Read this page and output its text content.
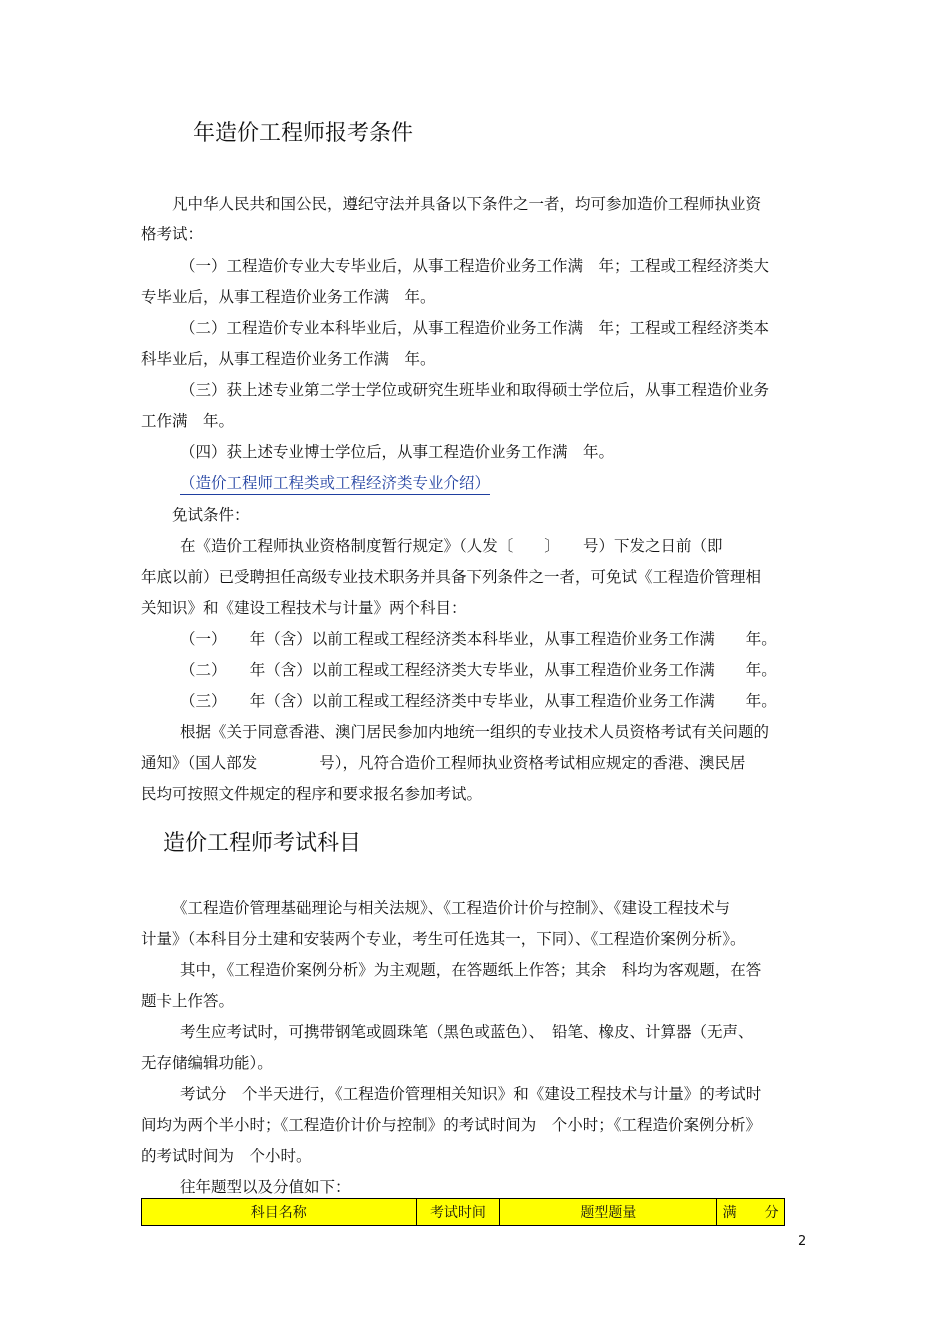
年造价工程师报考条件
凡中华人民共和国公民，遵纪守法并具备以下条件之一者，均可参加造价工程师执业资
格考试：
（一）工程造价专业大专毕业后，从事工程造价业务工作满　年；工程或工程经济类大
专毕业后，从事工程造价业务工作满　年。
（二）工程造价专业本科毕业后，从事工程造价业务工作满　年；工程或工程经济类本
科毕业后，从事工程造价业务工作满　年。
（三）获上述专业第二学士学位或研究生班毕业和取得硕士学位后，从事工程造价业务
工作满　年。
（四）获上述专业博士学位后，从事工程造价业务工作满　年。
（造价工程师工程类或工程经济类专业介绍）
免试条件：
在《造价工程师执业资格制度暂行规定》（人发〔　　〕　　号）下发之日前（即
年底以前）已受聘担任高级专业技术职务并具备下列条件之一者，可免试《工程造价管理相
关知识》和《建设工程技术与计量》两个科目：
（一）　　年（含）以前工程或工程经济类本科毕业，从事工程造价业务工作满　　年。
（二）　　年（含）以前工程或工程经济类大专毕业，从事工程造价业务工作满　　年。
（三）　　年（含）以前工程或工程经济类中专毕业，从事工程造价业务工作满　　年。
根据《关于同意香港、澳门居民参加内地统一组织的专业技术人员资格考试有关问题的
通知》（国人部发　　　　号），凡符合造价工程师执业资格考试相应规定的香港、澳民居
民均可按照文件规定的程序和要求报名参加考试。
造价工程师考试科目
《工程造价管理基础理论与相关法规》、《工程造价计价与控制》、《建设工程技术与
计量》（本科目分土建和安装两个专业，考生可任选其一，下同）、《工程造价案例分析》。
其中，《工程造价案例分析》为主观题，在答题纸上作答；其余　科均为客观题，在答
题卡上作答。
考生应考试时，可携带钢笔或圆珠笔（黑色或蓝色）、　铅笔、橡皮、计算器（无声、
无存储编辑功能）。
考试分　个半天进行，《工程造价管理相关知识》和《建设工程技术与计量》的考试时
间均为两个半小时；《工程造价计价与控制》的考试时间为　个小时；《工程造价案例分析》
的考试时间为　个小时。
往年题型以及分值如下：
科目名称	考试时间	题型题量	满　　分
2
